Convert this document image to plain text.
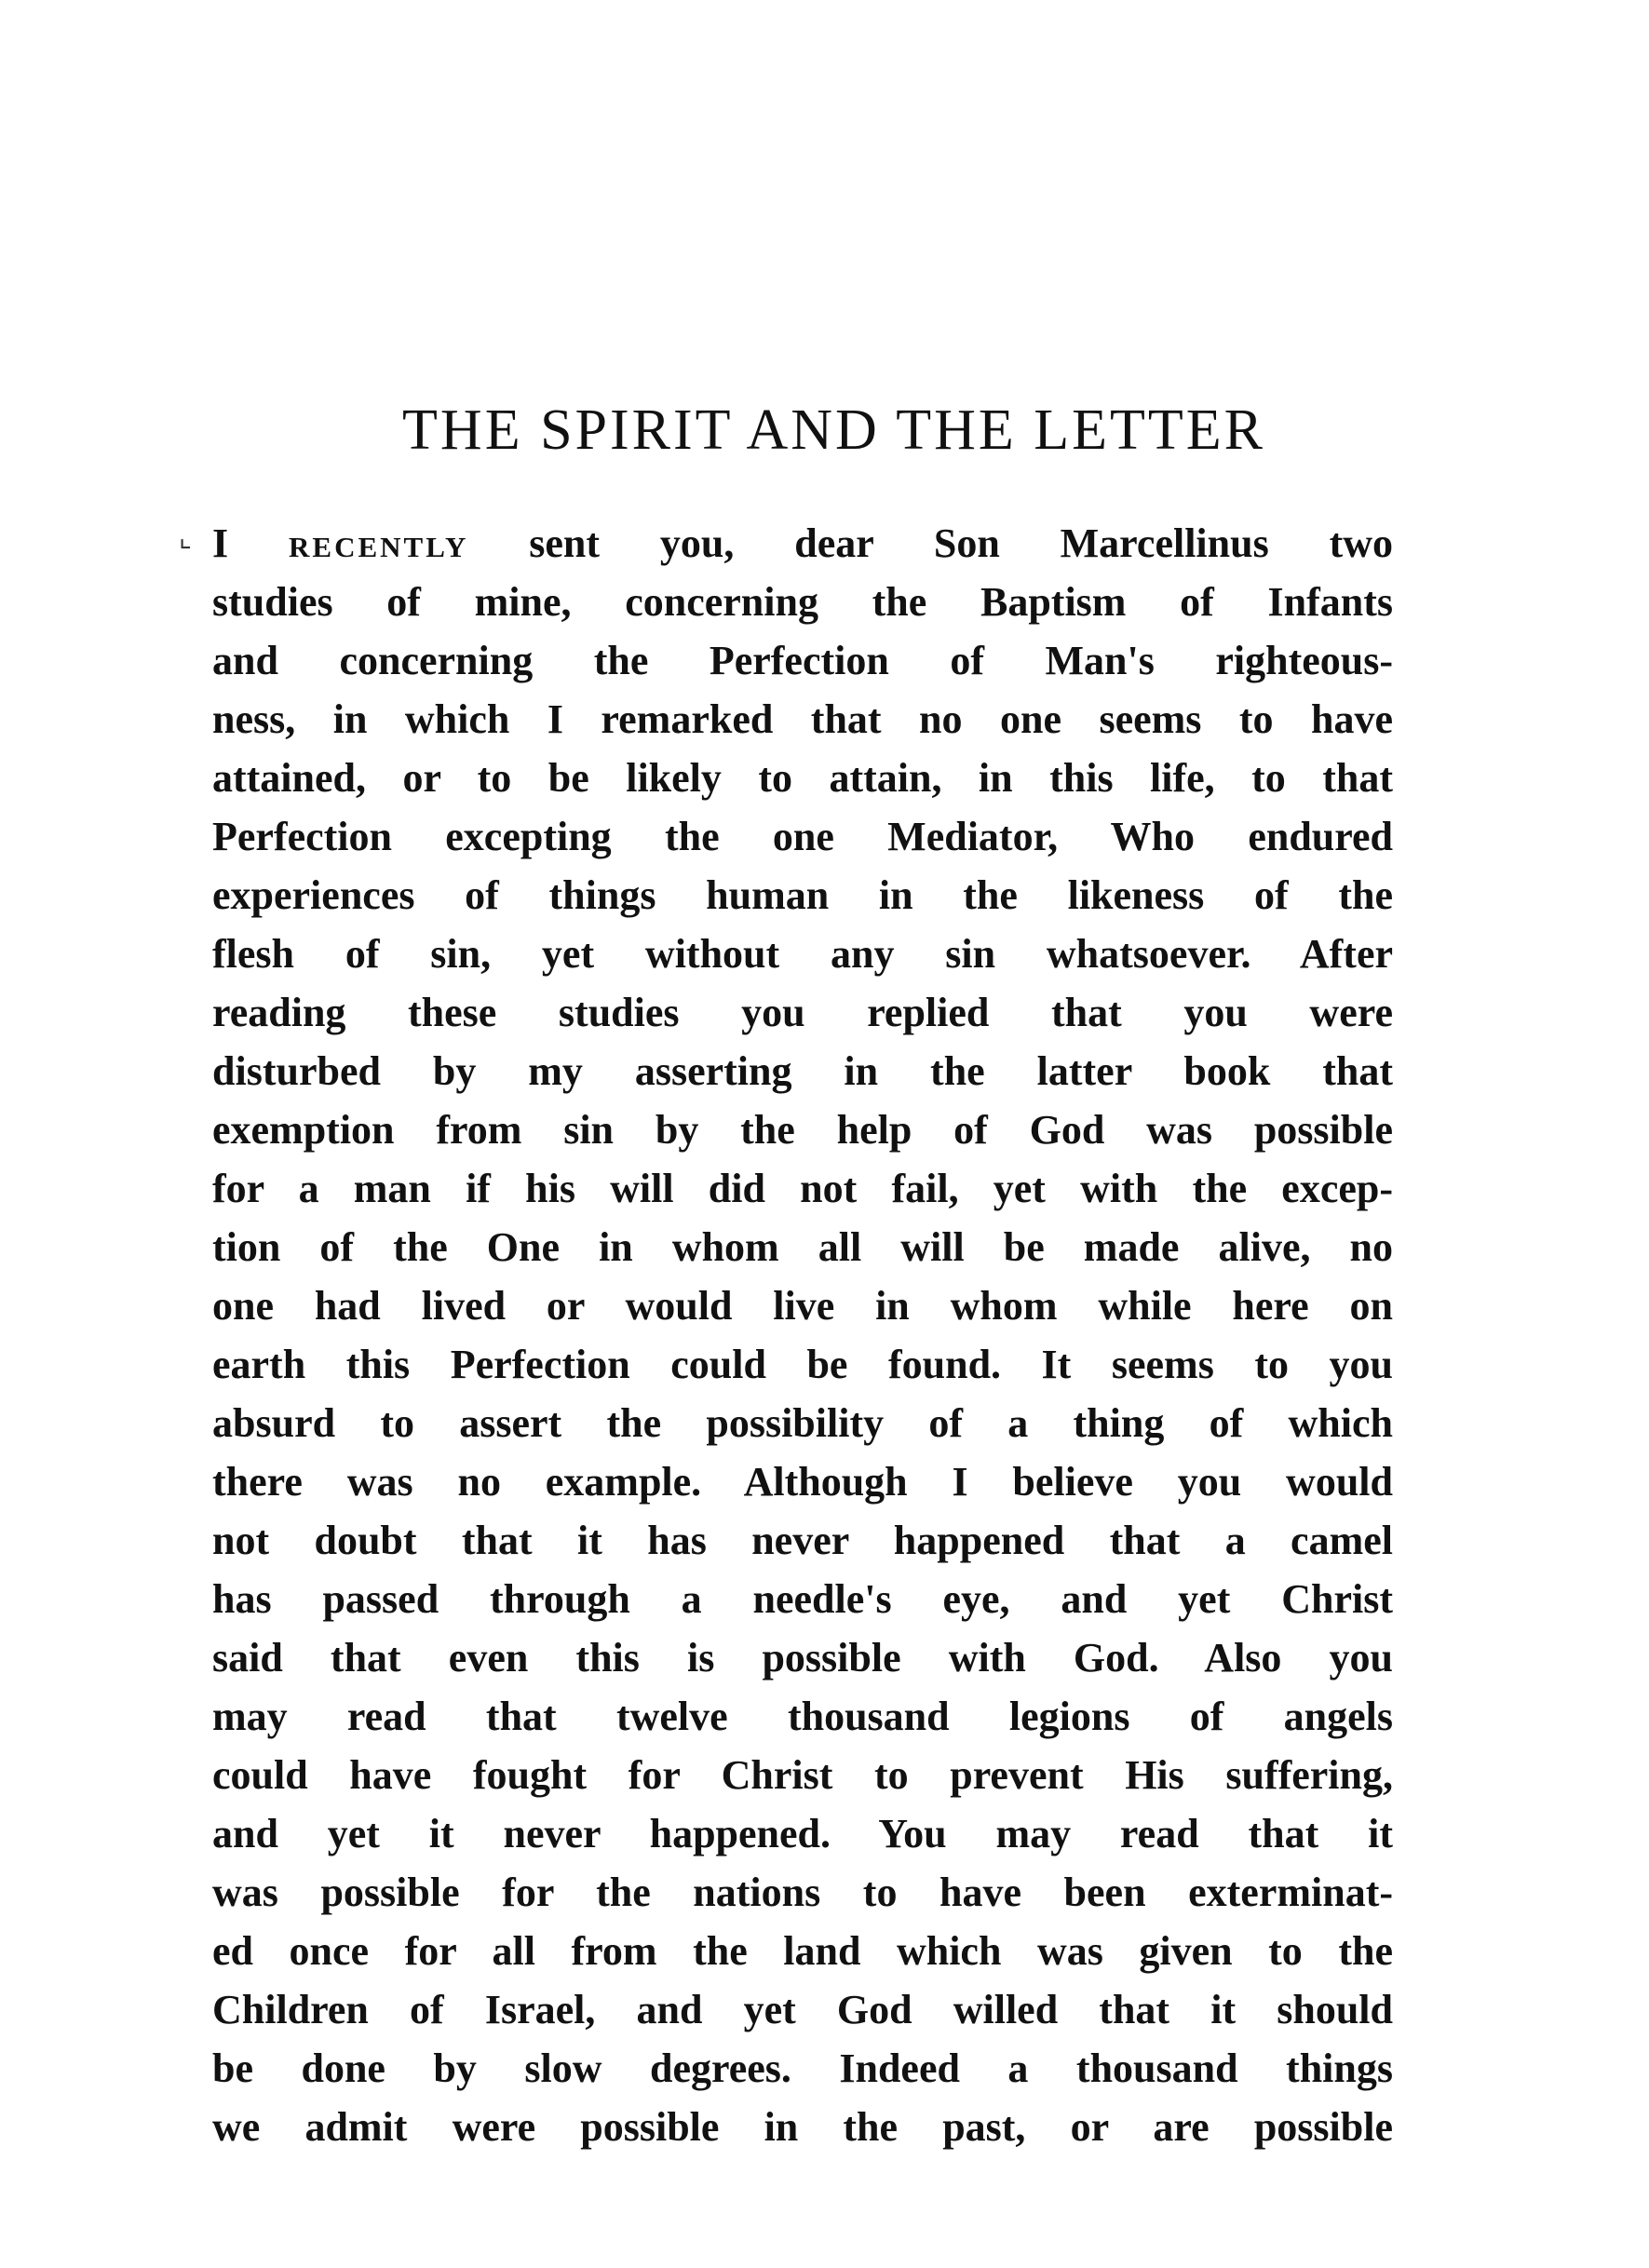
THE SPIRIT AND THE LETTER
⌞ I recently sent you, dear Son Marcellinus two
studies of mine, concerning the Baptism of Infants
and concerning the Perfection of Man's righteous-
ness, in which I remarked that no one seems to have
attained, or to be likely to attain, in this life, to that
Perfection excepting the one Mediator, Who endured
experiences of things human in the likeness of the
flesh of sin, yet without any sin whatsoever. After
reading these studies you replied that you were
disturbed by my asserting in the latter book that
exemption from sin by the help of God was possible
for a man if his will did not fail, yet with the excep-
tion of the One in whom all will be made alive, no
one had lived or would live in whom while here on
earth this Perfection could be found. It seems to you
absurd to assert the possibility of a thing of which
there was no example. Although I believe you would
not doubt that it has never happened that a camel
has passed through a needle's eye, and yet Christ
said that even this is possible with God. Also you
may read that twelve thousand legions of angels
could have fought for Christ to prevent His suffering,
and yet it never happened. You may read that it
was possible for the nations to have been exterminat-
ed once for all from the land which was given to the
Children of Israel, and yet God willed that it should
be done by slow degrees. Indeed a thousand things
we admit were possible in the past, or are possible
